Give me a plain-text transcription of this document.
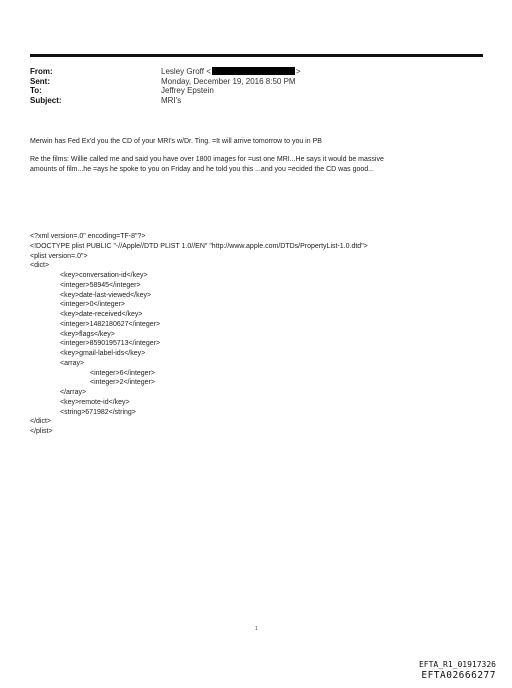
From:	Lesley Groff <	>
Sent:	Monday, December 19, 2016 8:50 PM
To:	Jeffrey Epstein
Subject:	MRI's

Merwin has Fed Ex'd you the CD of your MRI's w/Dr. Ting. =It will arrive tomorrow to you in PB

Re the films: Willie called me and said you have over 1800 images for =ust one MRI...He says it would be massive

amounts of film...he =ays he spoke to you on Friday and he told you this ...and you =ecided the CD was good...

<?xml version=.0" encoding=TF-8"?>
<!DOCTYPE plist PUBLIC "-//Apple//DTD PLIST 1.0//EN" "http://www.apple.com/DTDs/PropertyList-1.0.dtd">
<plist version=.0">
<dict>
<key>conversation-id</key>
<integer>58945</integer>
<key>date-last-viewed</key>
<integer>0</integer>
<key>date-received</key>
<integer>1482180627</integer>
<key>flags</key>
<integer>8590195713</integer>
<key>gmail-label-ids</key>
<array>
<integer>6</integer>
<integer>2</integer>
</array>
<key>remote-id</key>
<string>671982</string>
</dict>
</plist>
1
EFTA_R1_01917326
EFTA02666277
